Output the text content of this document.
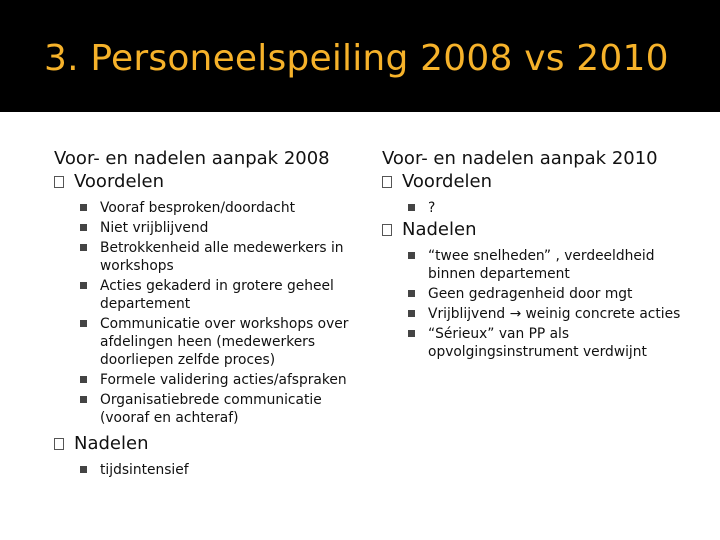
3. Personeelspeiling 2008 vs 2010

Voor- en nadelen aanpak 2008

Voordelen
Vooraf besproken/doordacht
Niet vrijblijvend
Betrokkenheid alle medewerkers in workshops
Acties gekaderd in grotere geheel departement
Communicatie over workshops over afdelingen heen (medewerkers doorliepen zelfde proces)
Formele validering acties/afspraken
Organisatiebrede communicatie (vooraf en achteraf)
Nadelen
tijdsintensief

Voor- en nadelen aanpak 2010

Voordelen
?
Nadelen
“twee snelheden” , verdeeldheid binnen departement
Geen gedragenheid door mgt
Vrijblijvend → weinig concrete acties
“Sérieux” van PP als opvolgingsinstrument verdwijnt
